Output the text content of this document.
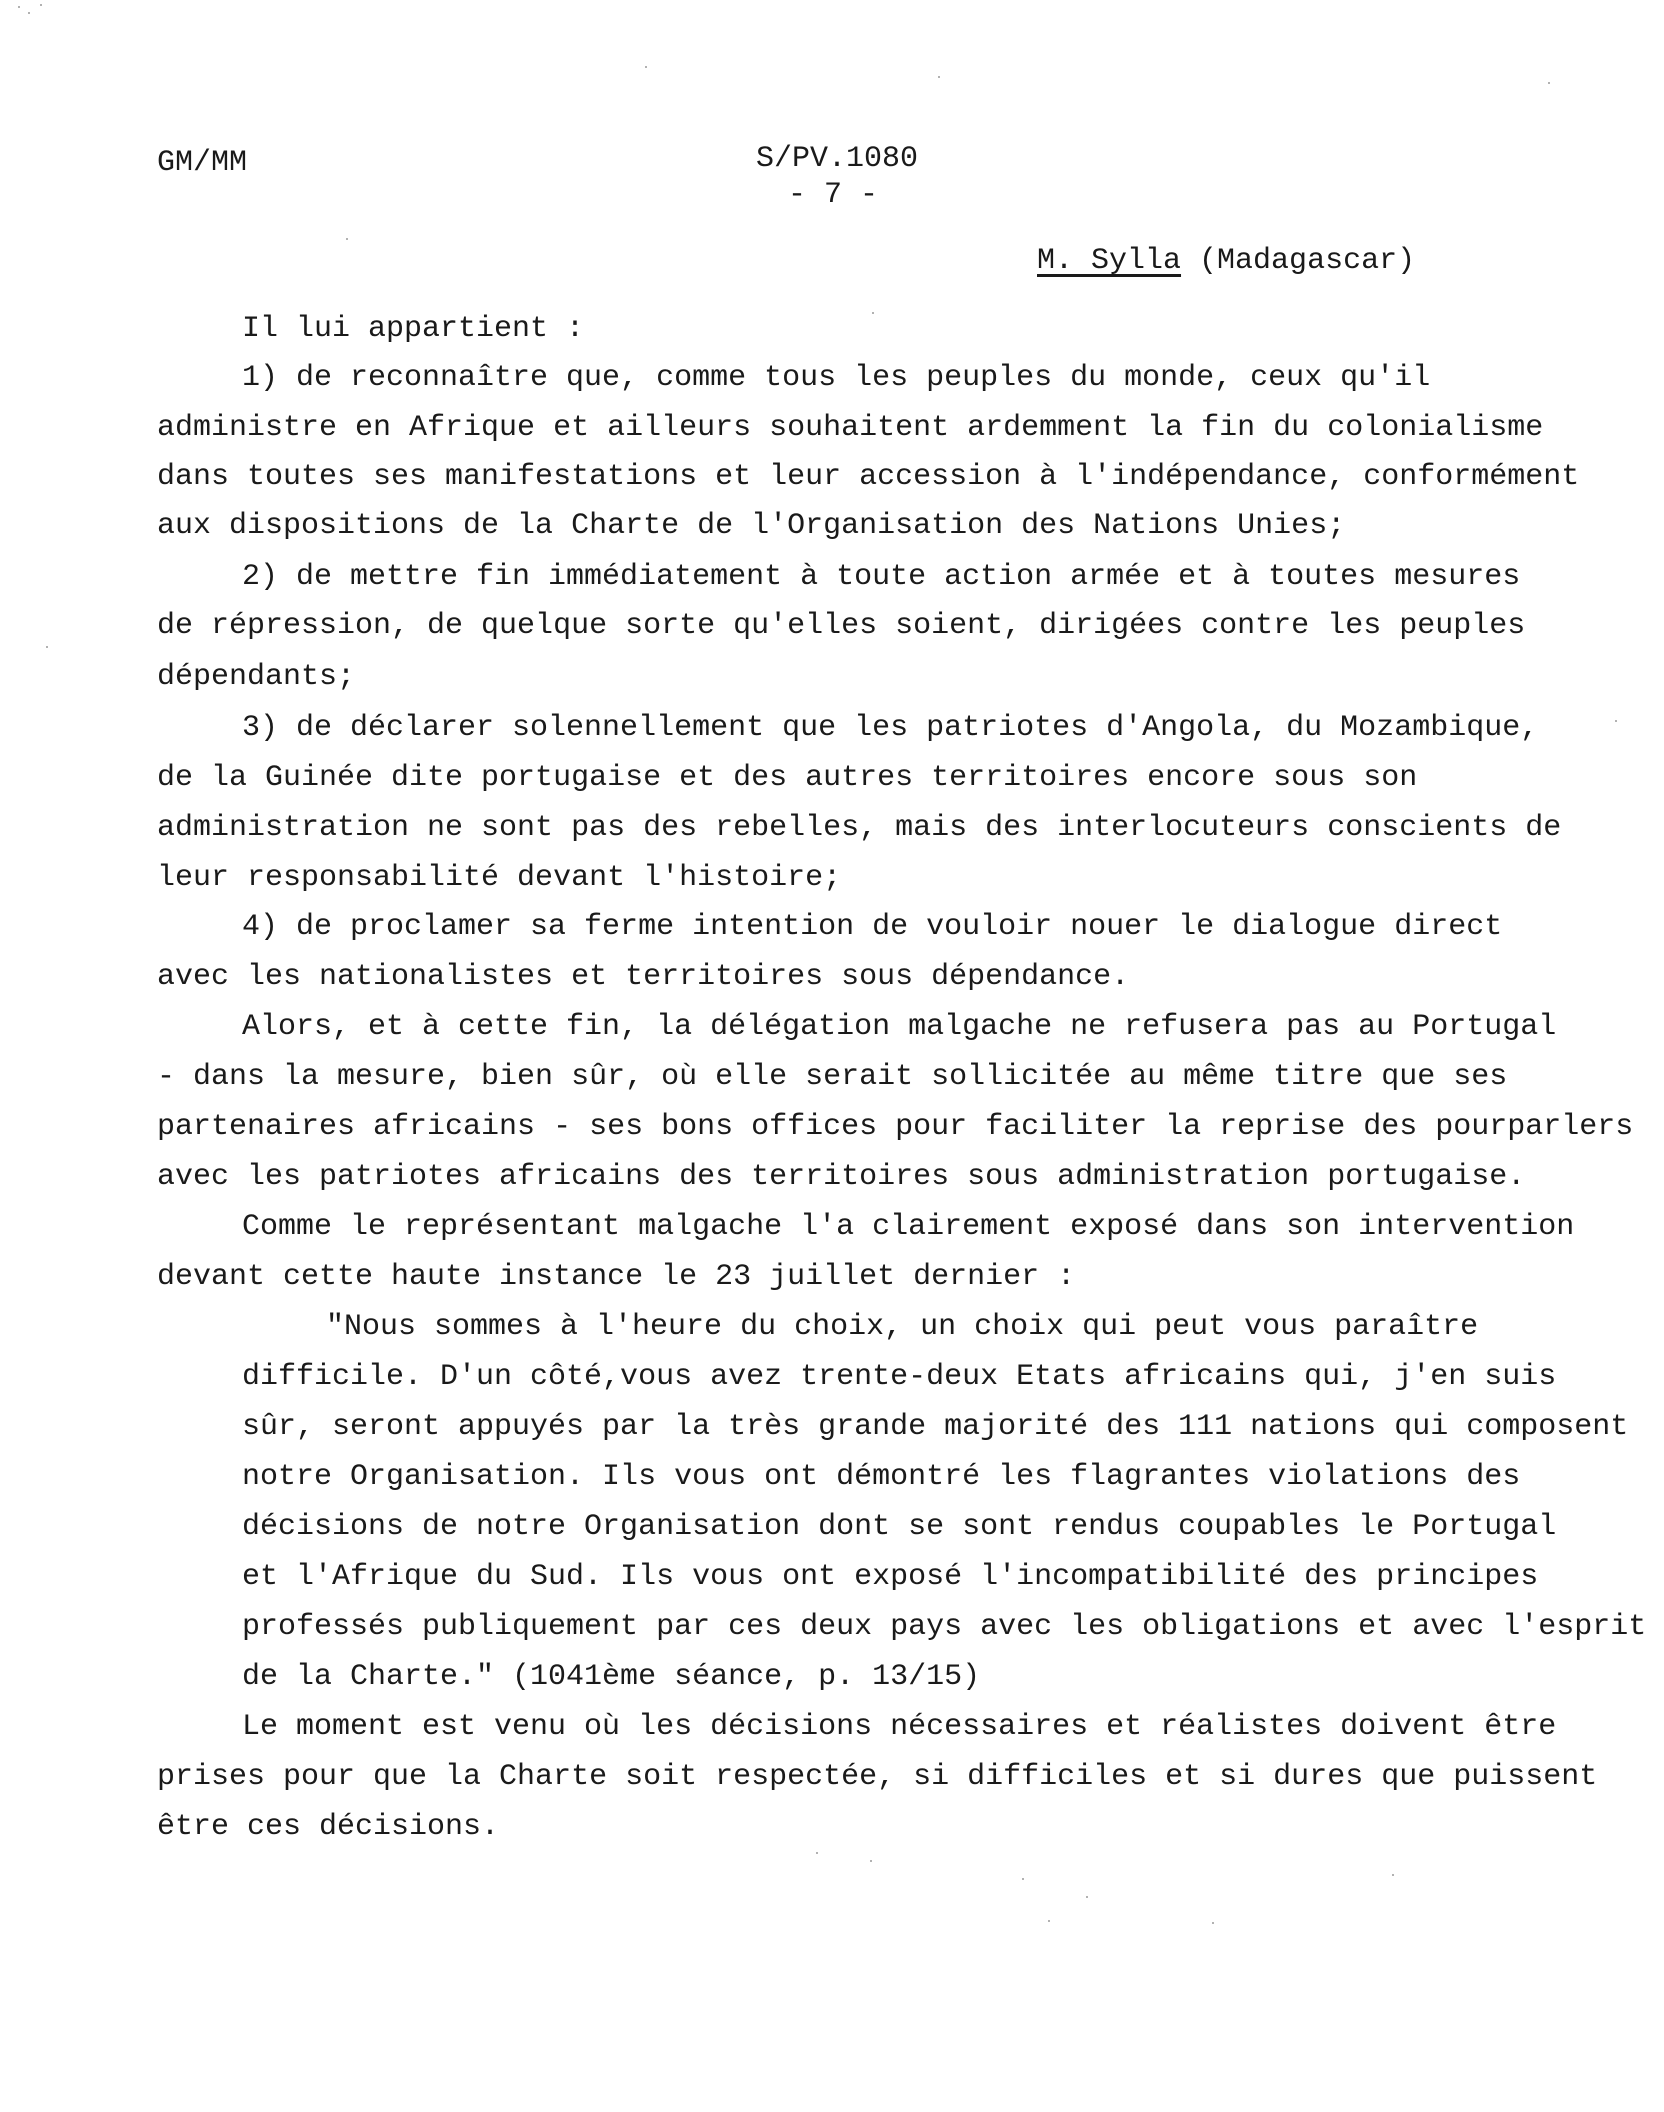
GM/MM	S/PV.1080
- 7 -
M. Sylla (Madagascar)
Il lui appartient :
1) de reconnaître que, comme tous les peuples du monde, ceux qu'il
administre en Afrique et ailleurs souhaitent ardemment la fin du colonialisme
dans toutes ses manifestations et leur accession à l'indépendance, conformément
aux dispositions de la Charte de l'Organisation des Nations Unies;
2) de mettre fin immédiatement à toute action armée et à toutes mesures
de répression, de quelque sorte qu'elles soient, dirigées contre les peuples
dépendants;
3) de déclarer solennellement que les patriotes d'Angola, du Mozambique,
de la Guinée dite portugaise et des autres territoires encore sous son
administration ne sont pas des rebelles, mais des interlocuteurs conscients de
leur responsabilité devant l'histoire;
4) de proclamer sa ferme intention de vouloir nouer le dialogue direct
avec les nationalistes et territoires sous dépendance.
Alors, et à cette fin, la délégation malgache ne refusera pas au Portugal
- dans la mesure, bien sûr, où elle serait sollicitée au même titre que ses
partenaires africains - ses bons offices pour faciliter la reprise des pourparlers
avec les patriotes africains des territoires sous administration portugaise.
Comme le représentant malgache l'a clairement exposé dans son intervention
devant cette haute instance le 23 juillet dernier :
"Nous sommes à l'heure du choix, un choix qui peut vous paraître
difficile. D'un côté,vous avez trente-deux Etats africains qui, j'en suis
sûr, seront appuyés par la très grande majorité des 111 nations qui composent
notre Organisation. Ils vous ont démontré les flagrantes violations des
décisions de notre Organisation dont se sont rendus coupables le Portugal
et l'Afrique du Sud. Ils vous ont exposé l'incompatibilité des principes
professés publiquement par ces deux pays avec les obligations et avec l'esprit
de la Charte." (1041ème séance, p. 13/15)
Le moment est venu où les décisions nécessaires et réalistes doivent être
prises pour que la Charte soit respectée, si difficiles et si dures que puissent
être ces décisions.
